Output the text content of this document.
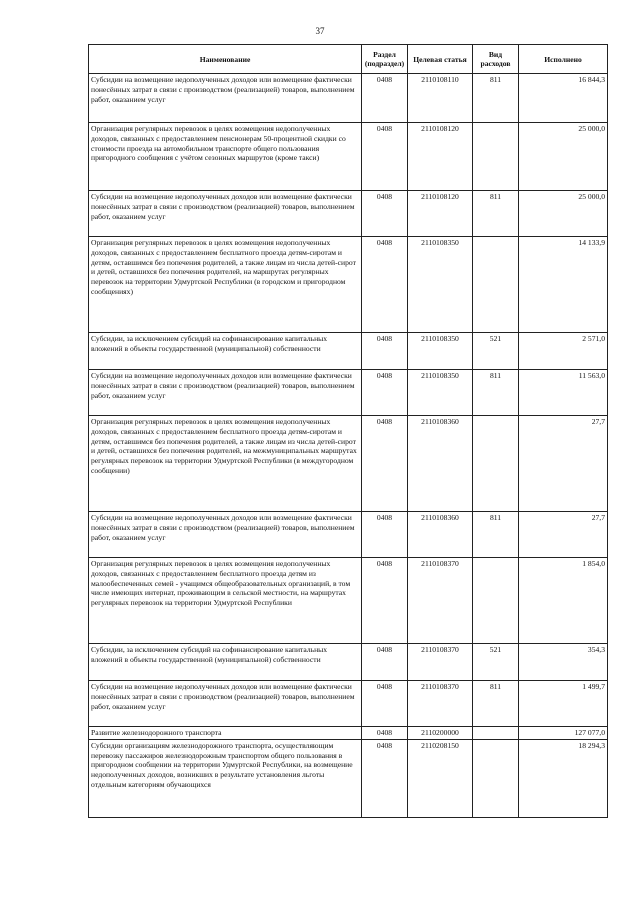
37
Наименование	Раздел (подраздел)	Целевая статья	Вид расходов	Исполнено
Субсидии на возмещение недополученных доходов или возмещение фактически понесённых затрат в связи с производством (реализацией) товаров, выполнением работ, оказанием услуг	0408	2110108110	811	16 844,3
Организация регулярных перевозок в целях возмещения недополученных доходов, связанных с предоставлением пенсионерам 50-процентной скидки со стоимости проезда на автомобильном транспорте общего пользования пригородного сообщения с учётом сезонных маршрутов (кроме такси)	0408	2110108120		25 000,0
Субсидии на возмещение недополученных доходов или возмещение фактически понесённых затрат в связи с производством (реализацией) товаров, выполнением работ, оказанием услуг	0408	2110108120	811	25 000,0
Организация регулярных перевозок в целях возмещения недополученных доходов, связанных с предоставлением бесплатного проезда детям-сиротам и детям, оставшимся без попечения родителей, а также лицам из числа детей-сирот и детей, оставшихся без попечения родителей, на маршрутах регулярных перевозок на территории Удмуртской Республики (в городском и пригородном сообщениях)	0408	2110108350		14 133,9
Субсидии, за исключением субсидий на софинансирование капитальных вложений в объекты государственной (муниципальной) собственности	0408	2110108350	521	2 571,0
Субсидии на возмещение недополученных доходов или возмещение фактически понесённых затрат в связи с производством (реализацией) товаров, выполнением работ, оказанием услуг	0408	2110108350	811	11 563,0
Организация регулярных перевозок в целях возмещения недополученных доходов, связанных с предоставлением бесплатного проезда детям-сиротам и детям, оставшимся без попечения родителей, а также лицам из числа детей-сирот и детей, оставшихся без попечения родителей, на межмуниципальных маршрутах регулярных перевозок на территории Удмуртской Республики (в междугородном сообщении)	0408	2110108360		27,7
Субсидии на возмещение недополученных доходов или возмещение фактически понесённых затрат в связи с производством (реализацией) товаров, выполнением работ, оказанием услуг	0408	2110108360	811	27,7
Организация регулярных перевозок в целях возмещения недополученных доходов, связанных с предоставлением бесплатного проезда детям из малообеспеченных семей - учащимся общеобразовательных организаций, в том числе имеющих интернат, проживающим в сельской местности, на маршрутах регулярных перевозок на территории Удмуртской Республики	0408	2110108370		1 854,0
Субсидии, за исключением субсидий на софинансирование капитальных вложений в объекты государственной (муниципальной) собственности	0408	2110108370	521	354,3
Субсидии на возмещение недополученных доходов или возмещение фактически понесённых затрат в связи с производством (реализацией) товаров, выполнением работ, оказанием услуг	0408	2110108370	811	1 499,7
Развитие железнодорожного транспорта	0408	2110200000		127 077,0
Субсидии организациям железнодорожного транспорта, осуществляющим перевозку пассажиров железнодорожным транспортом общего пользования в пригородном сообщении на территории Удмуртской Республики, на возмещение недополученных доходов, возникших в результате установления льготы отдельным категориям обучающихся	0408	2110208150		18 294,3
